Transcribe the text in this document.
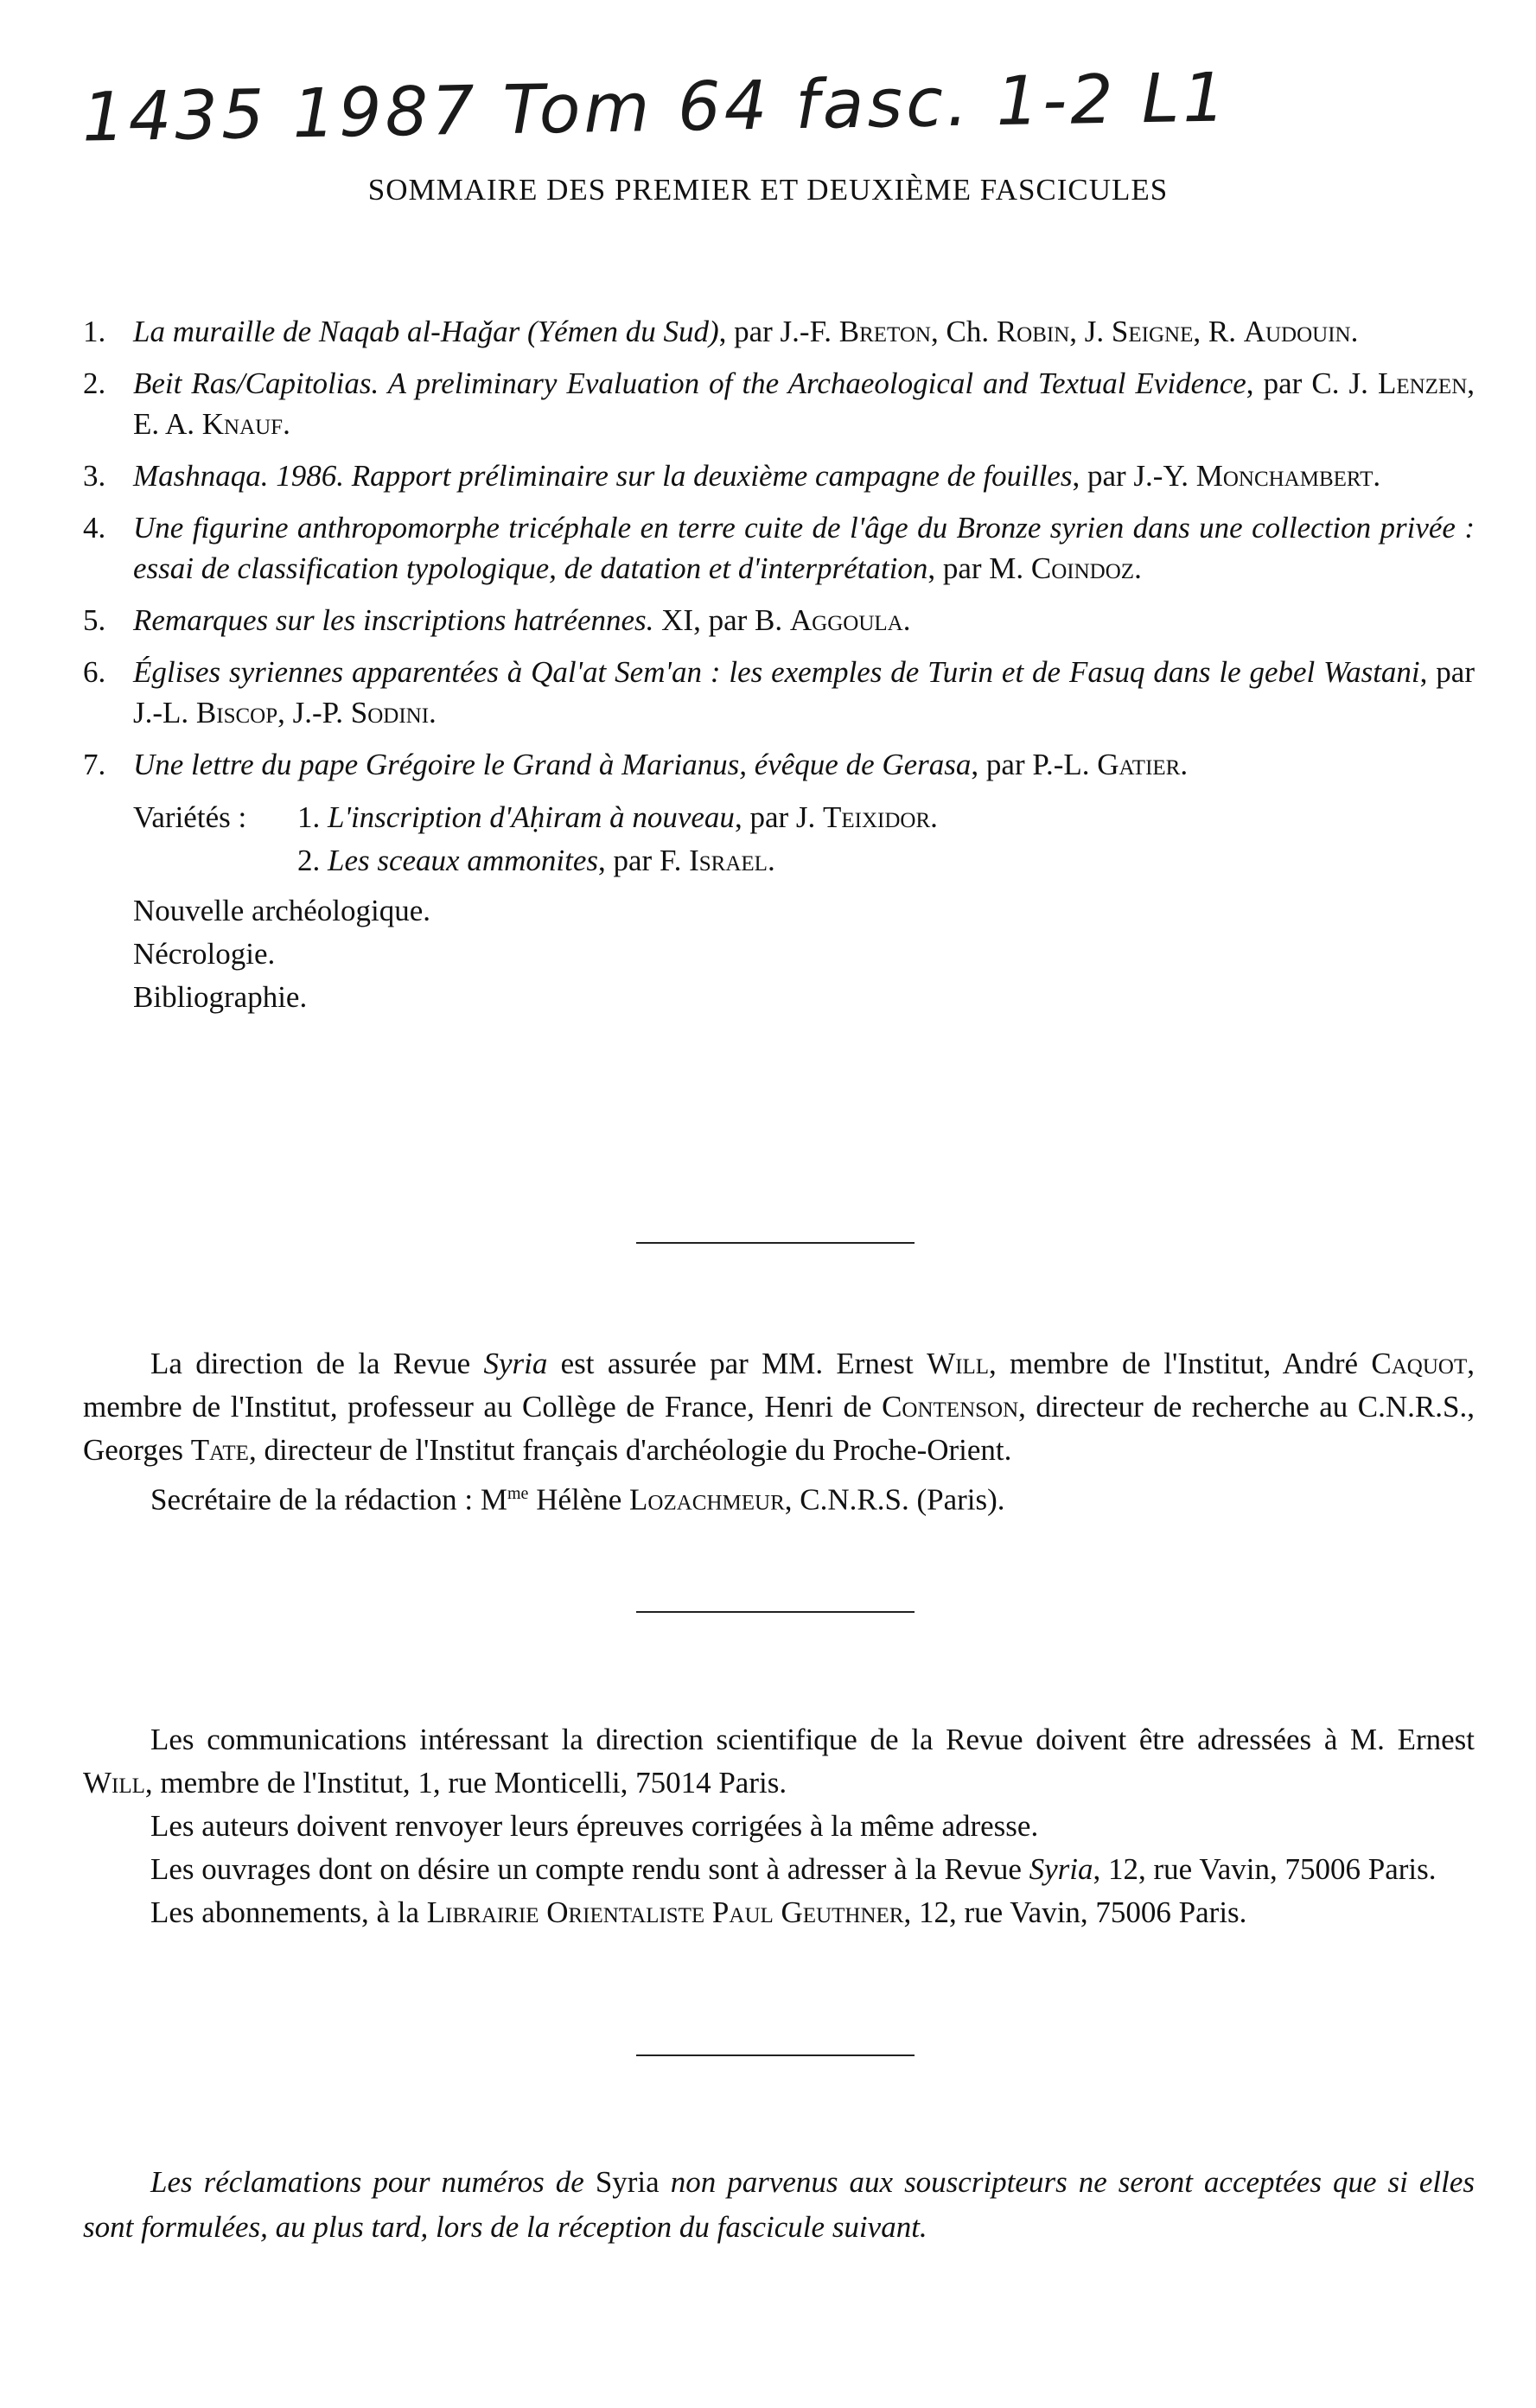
1435 1987 Tom 64 fasc. 1-2 L1
SOMMAIRE DES PREMIER ET DEUXIÈME FASCICULES
1. La muraille de Naqab al-Haǧar (Yémen du Sud), par J.-F. Breton, Ch. Robin, J. Seigne, R. Audouin.
2. Beit Ras/Capitolias. A preliminary Evaluation of the Archaeological and Textual Evidence, par C. J. Lenzen, E. A. Knauf.
3. Mashnaqa. 1986. Rapport préliminaire sur la deuxième campagne de fouilles, par J.-Y. Monchambert.
4. Une figurine anthropomorphe tricéphale en terre cuite de l'âge du Bronze syrien dans une collection privée : essai de classification typologique, de datation et d'interprétation, par M. Coindoz.
5. Remarques sur les inscriptions hatréennes. XI, par B. Aggoula.
6. Églises syriennes apparentées à Qal'at Sem'an : les exemples de Turin et de Fasuq dans le gebel Wastani, par J.-L. Biscop, J.-P. Sodini.
7. Une lettre du pape Grégoire le Grand à Marianus, évêque de Gerasa, par P.-L. Gatier.
Variétés : 1. L'inscription d'Aḥiram à nouveau, par J. Teixidor.
2. Les sceaux ammonites, par F. Israel.
Nouvelle archéologique.
Nécrologie.
Bibliographie.

La direction de la Revue Syria est assurée par MM. Ernest Will, membre de l'Institut, André Caquot, membre de l'Institut, professeur au Collège de France, Henri de Contenson, directeur de recherche au C.N.R.S., Georges Tate, directeur de l'Institut français d'archéologie du Proche-Orient.

Secrétaire de la rédaction : $M^{me}$ Hélène Lozachmeur, C.N.R.S. (Paris).

Les communications intéressant la direction scientifique de la Revue doivent être adressées à M. Ernest Will, membre de l'Institut, 1, rue Monticelli, 75014 Paris.

Les auteurs doivent renvoyer leurs épreuves corrigées à la même adresse.

Les ouvrages dont on désire un compte rendu sont à adresser à la Revue Syria, 12, rue Vavin, 75006 Paris.

Les abonnements, à la Librairie Orientaliste Paul Geuthner, 12, rue Vavin, 75006 Paris.

Les réclamations pour numéros de Syria non parvenus aux souscripteurs ne seront acceptées que si elles sont formulées, au plus tard, lors de la réception du fascicule suivant.
